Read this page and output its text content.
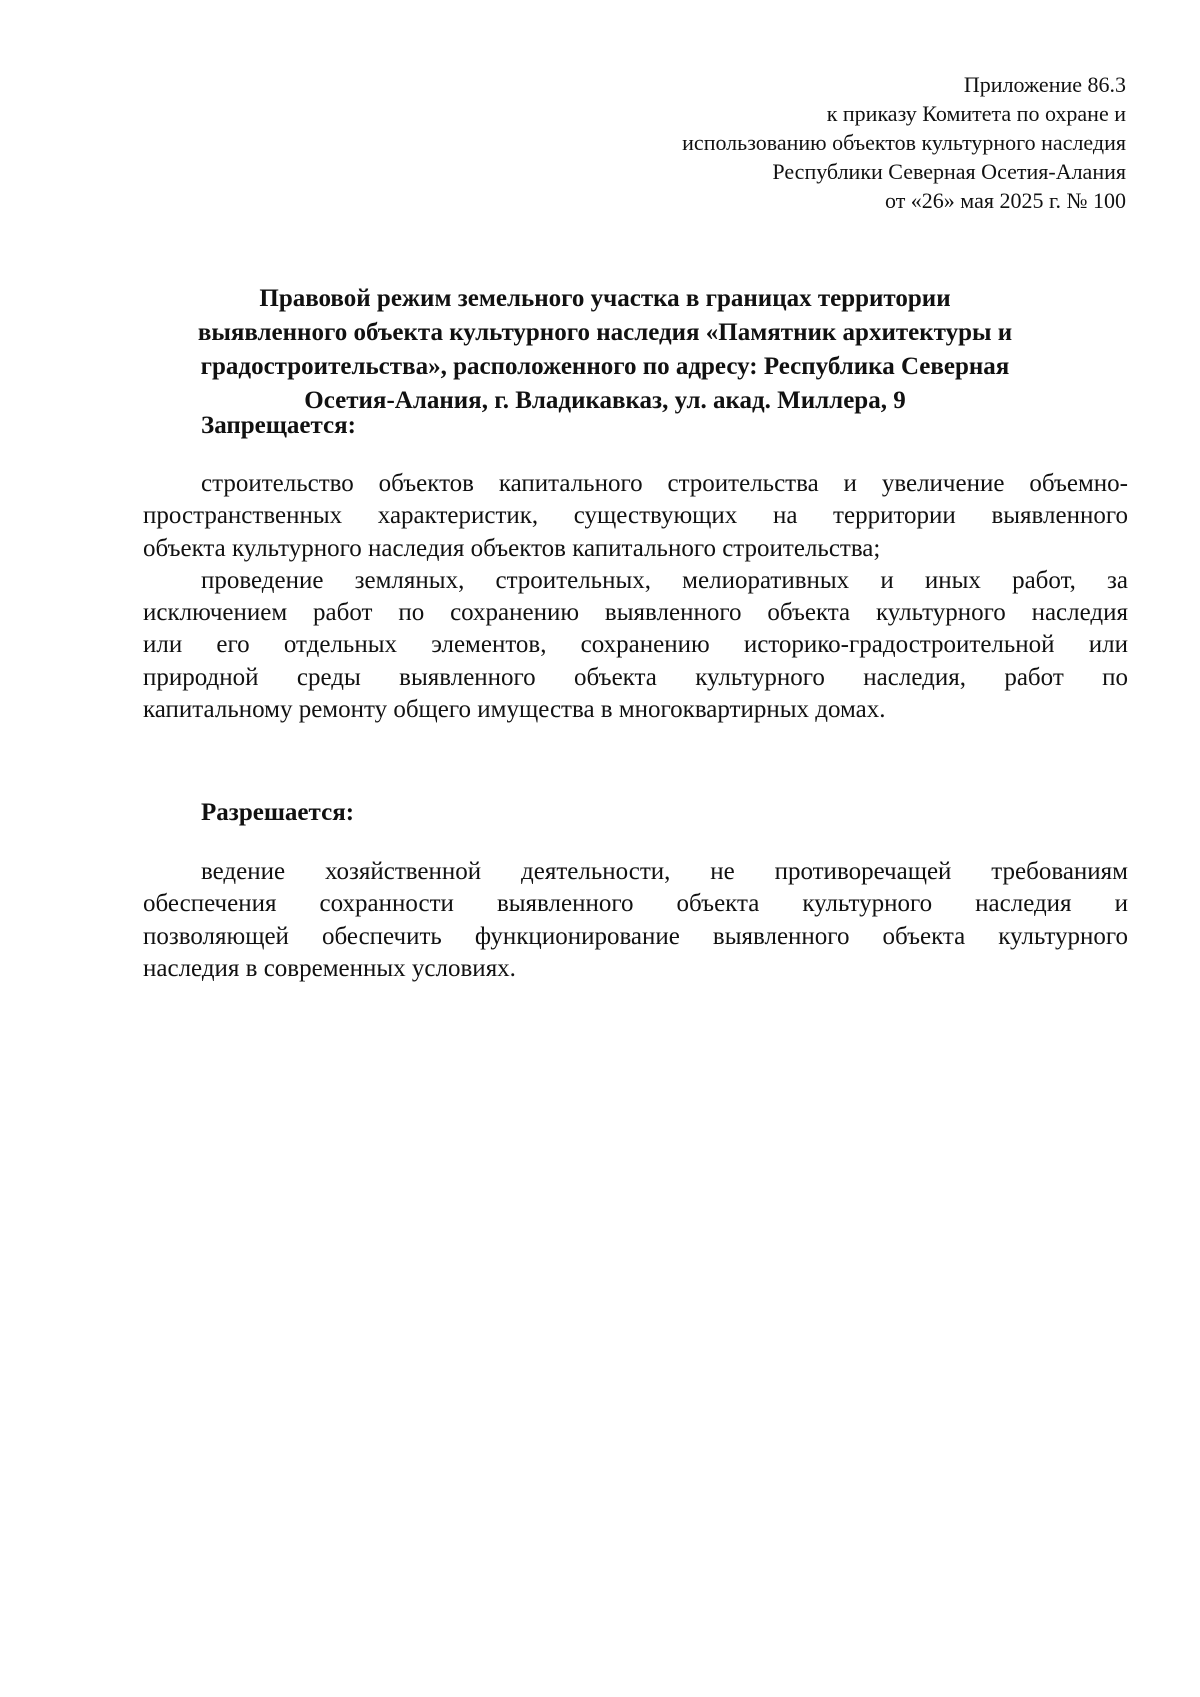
Приложение 86.3
к приказу Комитета по охране и
использованию объектов культурного наследия
Республики Северная Осетия-Алания
от «26» мая 2025 г. № 100
Правовой режим земельного участка в границах территории
выявленного объекта культурного наследия «Памятник архитектуры и
градостроительства», расположенного по адресу: Республика Северная
Осетия-Алания, г. Владикавказ, ул. акад. Миллера, 9
Запрещается:
строительство объектов капитального строительства и увеличение объемно-
пространственных характеристик, существующих на территории выявленного
объекта культурного наследия объектов капитального строительства;
проведение земляных, строительных, мелиоративных и иных работ, за
исключением работ по сохранению выявленного объекта культурного наследия
или его отдельных элементов, сохранению историко-градостроительной или
природной среды выявленного объекта культурного наследия, работ по
капитальному ремонту общего имущества в многоквартирных домах.
Разрешается:
ведение хозяйственной деятельности, не противоречащей требованиям
обеспечения сохранности выявленного объекта культурного наследия и
позволяющей обеспечить функционирование выявленного объекта культурного
наследия в современных условиях.
